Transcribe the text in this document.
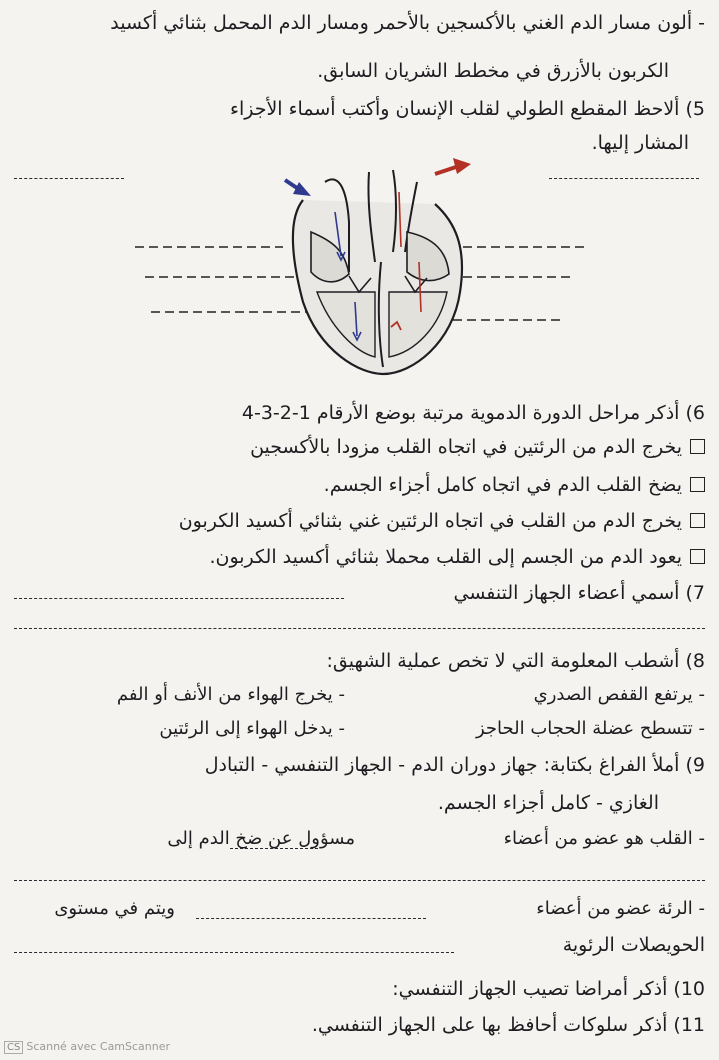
- ألون مسار الدم الغني بالأكسجين بالأحمر ومسار الدم المحمل بثنائي أكسيد
الكربون بالأزرق في مخطط الشريان السابق.
5) ألاحظ المقطع الطولي لقلب الإنسان وأكتب أسماء الأجزاء
المشار إليها.
6) أذكر مراحل الدورة الدموية مرتبة بوضع الأرقام 1-2-3-4
يخرج الدم من الرئتين في اتجاه القلب مزودا بالأكسجين
يضخ القلب الدم في اتجاه كامل أجزاء الجسم.
يخرج الدم من القلب في اتجاه الرئتين غني بثنائي أكسيد الكربون
يعود الدم من الجسم إلى القلب محملا بثنائي أكسيد الكربون.
7) أسمي أعضاء الجهاز التنفسي
8) أشطب المعلومة التي لا تخص عملية الشهيق:
- يرتفع القفص الصدري
- يخرج الهواء من الأنف أو الفم
- تتسطح عضلة الحجاب الحاجز
- يدخل الهواء إلى الرئتين
9) أملأ الفراغ بكتابة: جهاز دوران الدم - الجهاز التنفسي - التبادل
الغازي - كامل أجزاء الجسم.
- القلب هو عضو من أعضاء
مسؤول عن ضخ الدم إلى
- الرئة عضو من أعضاء
ويتم في مستوى
الحويصلات الرئوية
10) أذكر أمراضا تصيب الجهاز التنفسي:
11) أذكر سلوكات أحافظ بها على الجهاز التنفسي.
CS Scanné avec CamScanner
